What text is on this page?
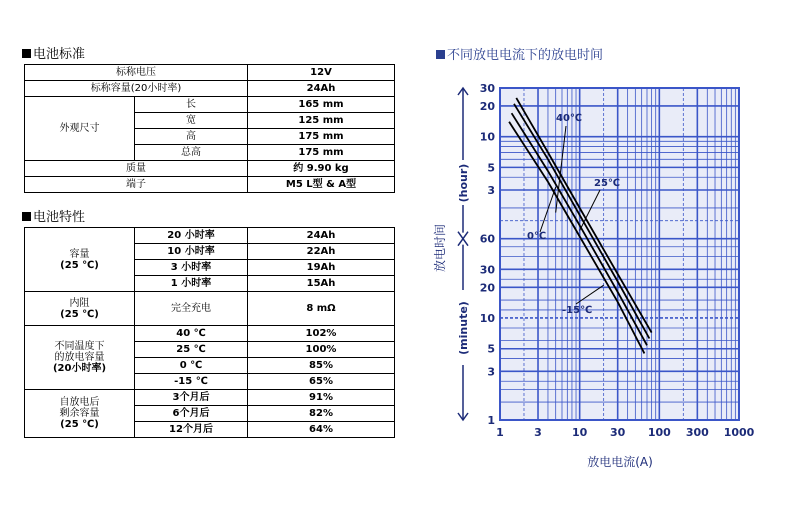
电池标准
标称电压		12V
标称容量(20小时率)		24Ah
外观尺寸	长	165 mm
	宽	125 mm
	高	175 mm
	总高	175 mm
质量		约 9.90 kg
端子		M5 L型 & A型
电池特性
容量
(25 ℃)	20 小时率	24Ah
	10 小时率	22Ah
	3 小时率	19Ah
	1 小时率	15Ah

内阻
(25 ℃)	完全充电	8 mΩ

不同温度下
的放电容量
(20小时率)	40 ℃	102%
	25 ℃	100%
	0 ℃	85%
	-15 ℃	65%

自放电后
剩余容量
(25 ℃)	3个月后	91%
	6个月后	82%
	12个月后	64%
不同放电电流下的放电时间
1	3	10 30 100 300 1000
30
20
10
5
3
60
30
20
10
5
3
1
(hour)
(minute)
放电时间
放电电流(A)
40℃
25℃
0℃
-15℃
